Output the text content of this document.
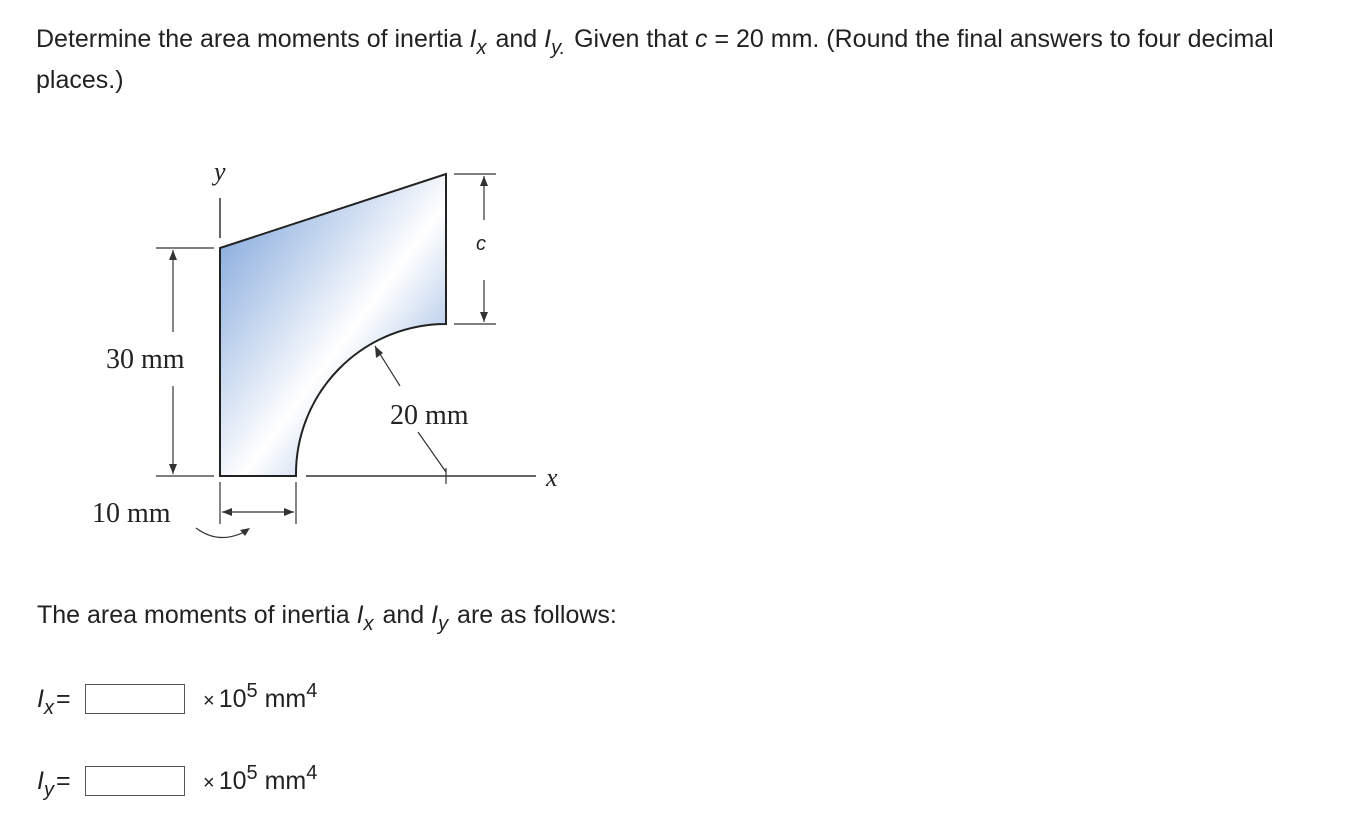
Determine the area moments of inertia $I_x$ and $I_{y.}$ Given that c = 20 mm. (Round the final answers to four decimal places.)
y
x
c
30 mm
20 mm
10 mm
The area moments of inertia $I_x$ and $I_y$ are as follows:
$I_x=$	× $10^5$ $mm^4$
$I_y=$	× $10^5$ $mm^4$
